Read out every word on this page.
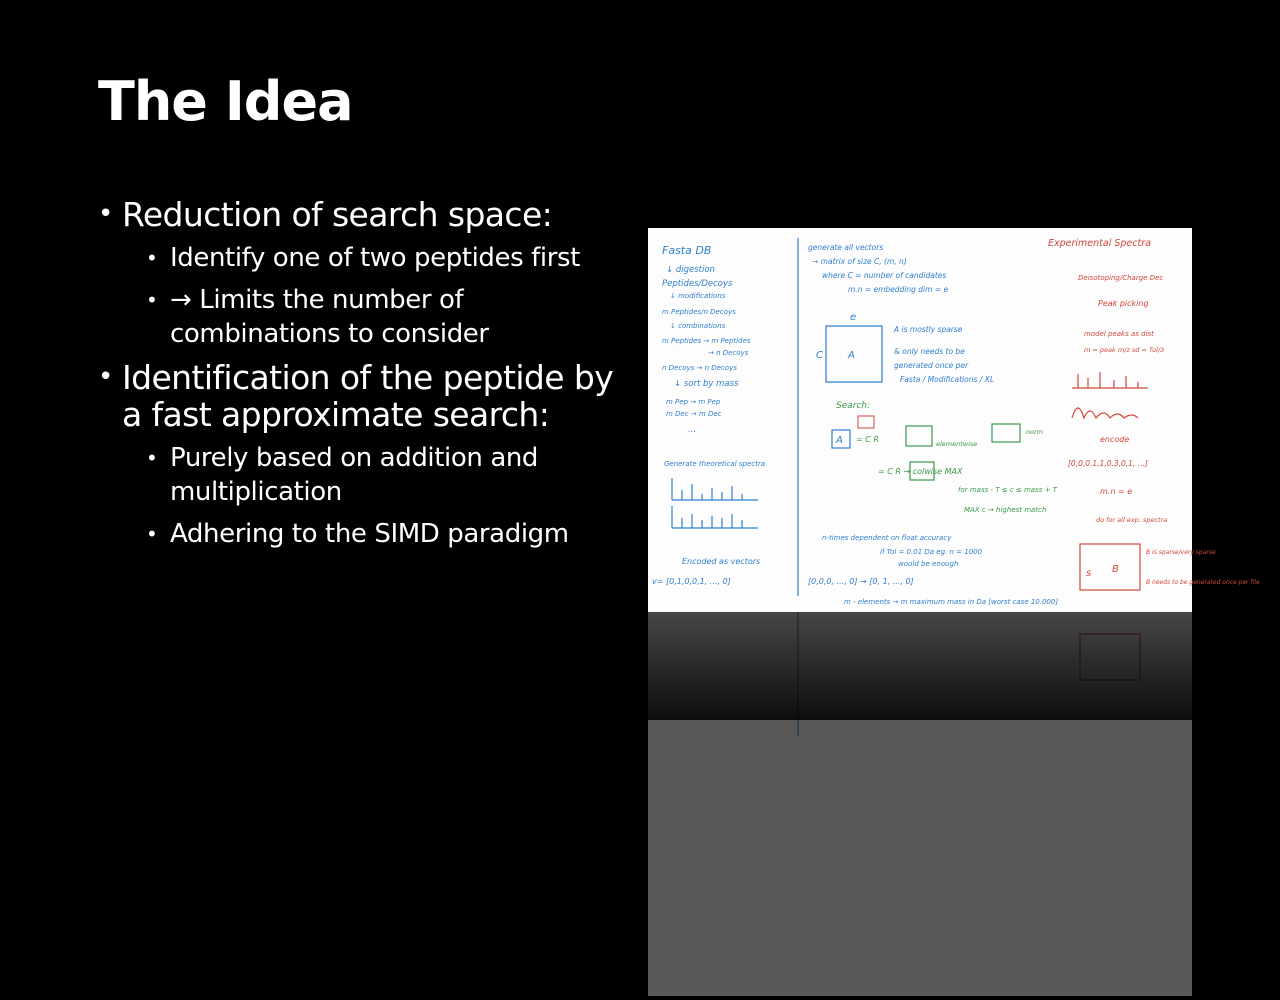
The Idea
• Reduction of search space:
• Identify one of two peptides first
• → Limits the number of combinations to consider
• Identification of the peptide by a fast approximate search:
• Purely based on addition and multiplication
• Adhering to the SIMD paradigm
Fasta DB
↓ digestion
Peptides/Decoys
↓ modifications
m Peptides/n Decoys
↓ combinations
m Peptides → m Peptides
→ n Decoys
n Decoys → n Decoys
↓ sort by mass
m Pep → m Pep
m Dec → m Dec
...
Generate theoretical spectra
Encoded as vectors
v= [0,1,0,0,1, ..., 0]
generate all vectors
→ matrix of size C, (m, n)
where C = number of candidates
m.n = embedding dim = e
A is mostly sparse
& only needs to be
generated once per
Fasta / Modifications / XL
A
C
e
A
Search:
= C R	elementwise
norm
= C R → colwise MAX
for mass - T ≤ c ≤ mass + T
MAX c → highest match
n-times dependent on float accuracy
if Tol = 0.01 Da eg. n = 1000
would be enough
[0,0,0, ..., 0] → [0, 1, ..., 0]
m - elements → m maximum mass in Da [worst case 10.000]
Experimental Spectra
Deisotoping/Charge Dec
Peak picking
model peaks as dist
m = peak m/z sd = Tol/3
encode
[0,0,0.1,1,0.3,0,1, ...]
m.n = e
do for all exp. spectra
B is sparse/very sparse
B needs to be generated once per file
s B
